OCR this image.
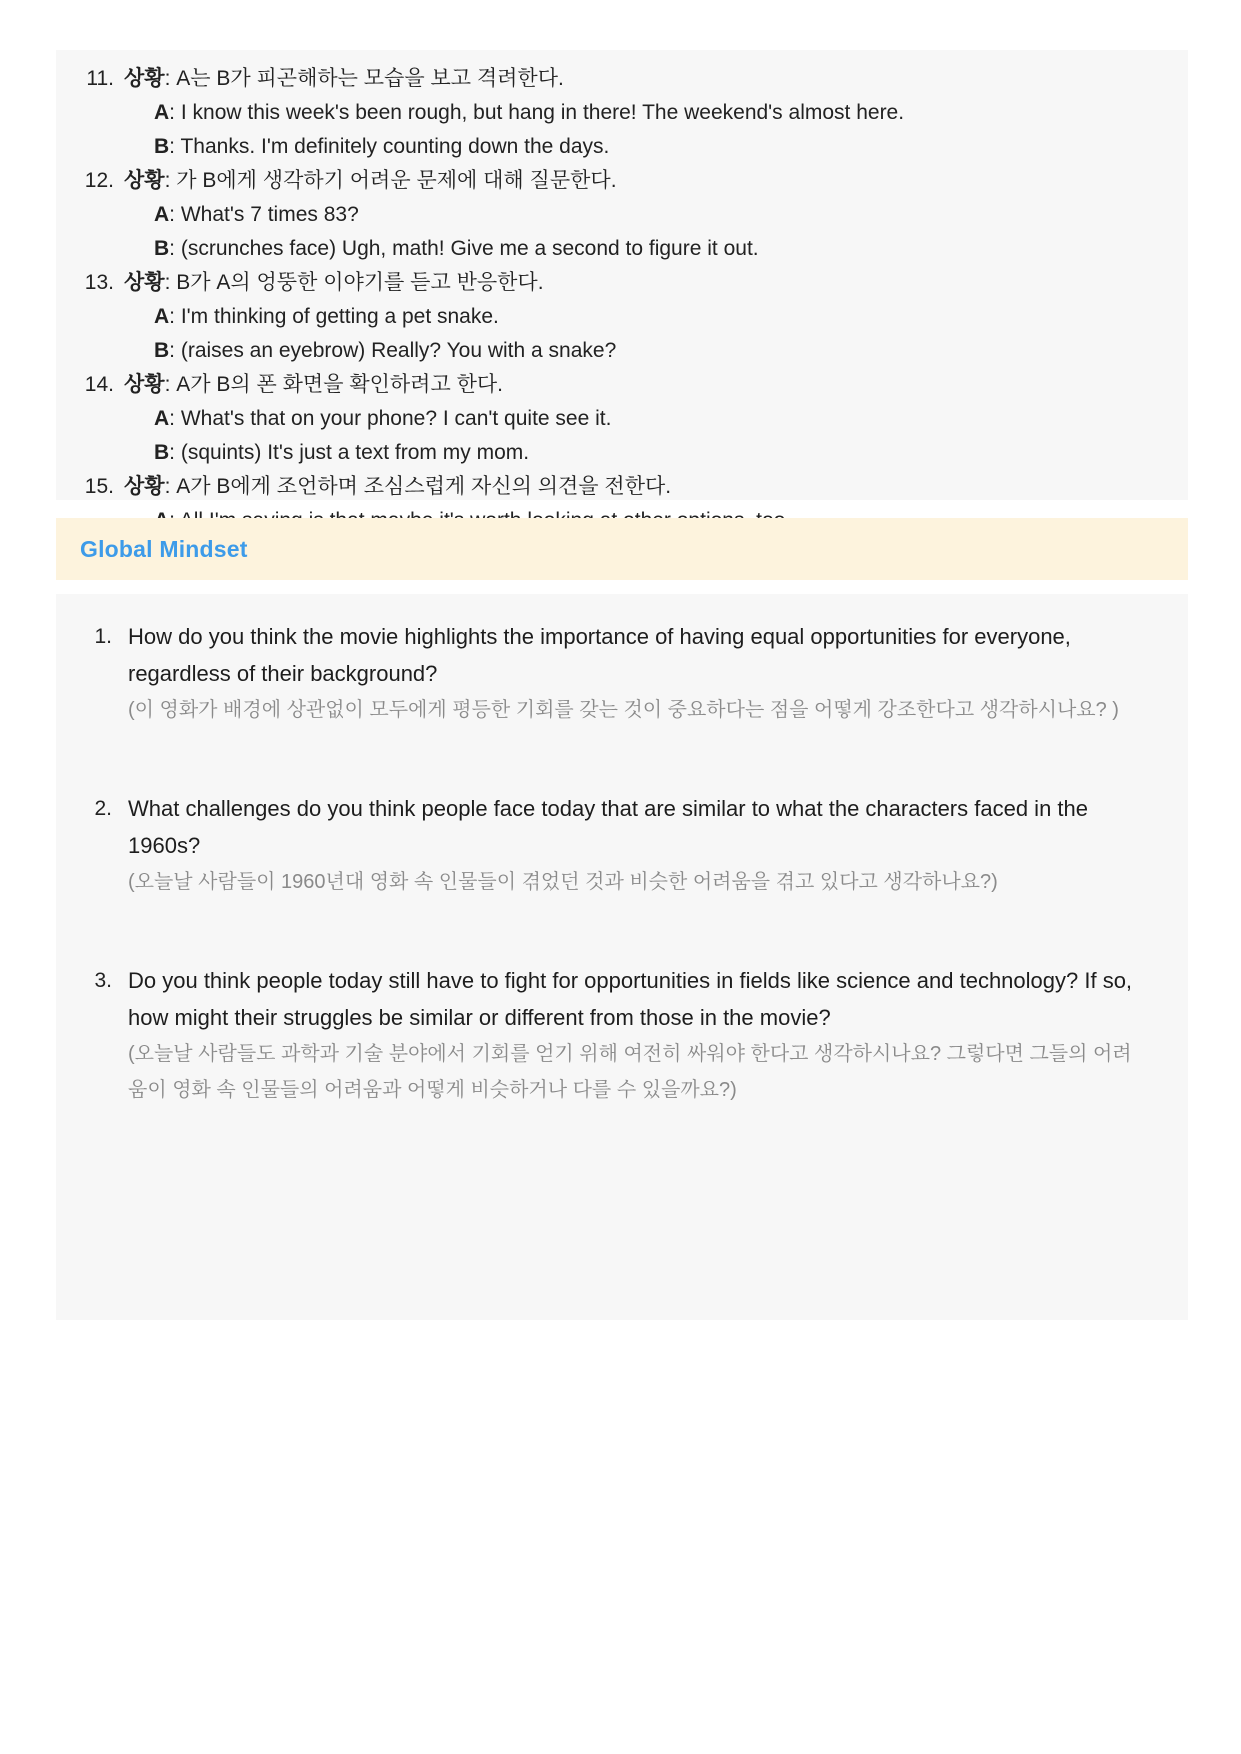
11. 상황: A는 B가 피곤해하는 모습을 보고 격려한다.
A: I know this week's been rough, but hang in there! The weekend's almost here.
B: Thanks. I'm definitely counting down the days.
12. 상황: 가 B에게 생각하기 어려운 문제에 대해 질문한다.
A: What's 7 times 83?
B: (scrunches face) Ugh, math! Give me a second to figure it out.
13. 상황: B가 A의 엉뚱한 이야기를 듣고 반응한다.
A: I'm thinking of getting a pet snake.
B: (raises an eyebrow) Really? You with a snake?
14. 상황: A가 B의 폰 화면을 확인하려고 한다.
A: What's that on your phone? I can't quite see it.
B: (squints) It's just a text from my mom.
15. 상황: A가 B에게 조언하며 조심스럽게 자신의 의견을 전한다.
Global Mindset
1. How do you think the movie highlights the importance of having equal opportunities for everyone, regardless of their background?
(이 영화가 배경에 상관없이 모두에게 평등한 기회를 갖는 것이 중요하다는 점을 어떻게 강조한다고 생각하시나요? )
2. What challenges do you think people face today that are similar to what the characters faced in the 1960s?
(오늘날 사람들이 1960년대 영화 속 인물들이 겪었던 것과 비슷한 어려움을 겪고 있다고 생각하나요?)
3. Do you think people today still have to fight for opportunities in fields like science and technology? If so, how might their struggles be similar or different from those in the movie?
(오늘날 사람들도 과학과 기술 분야에서 기회를 얻기 위해 여전히 싸워야 한다고 생각하시나요? 그렇다면 그들의 어려움이 영화 속 인물들의 어려움과 어떻게 비슷하거나 다를 수 있을까요?)
